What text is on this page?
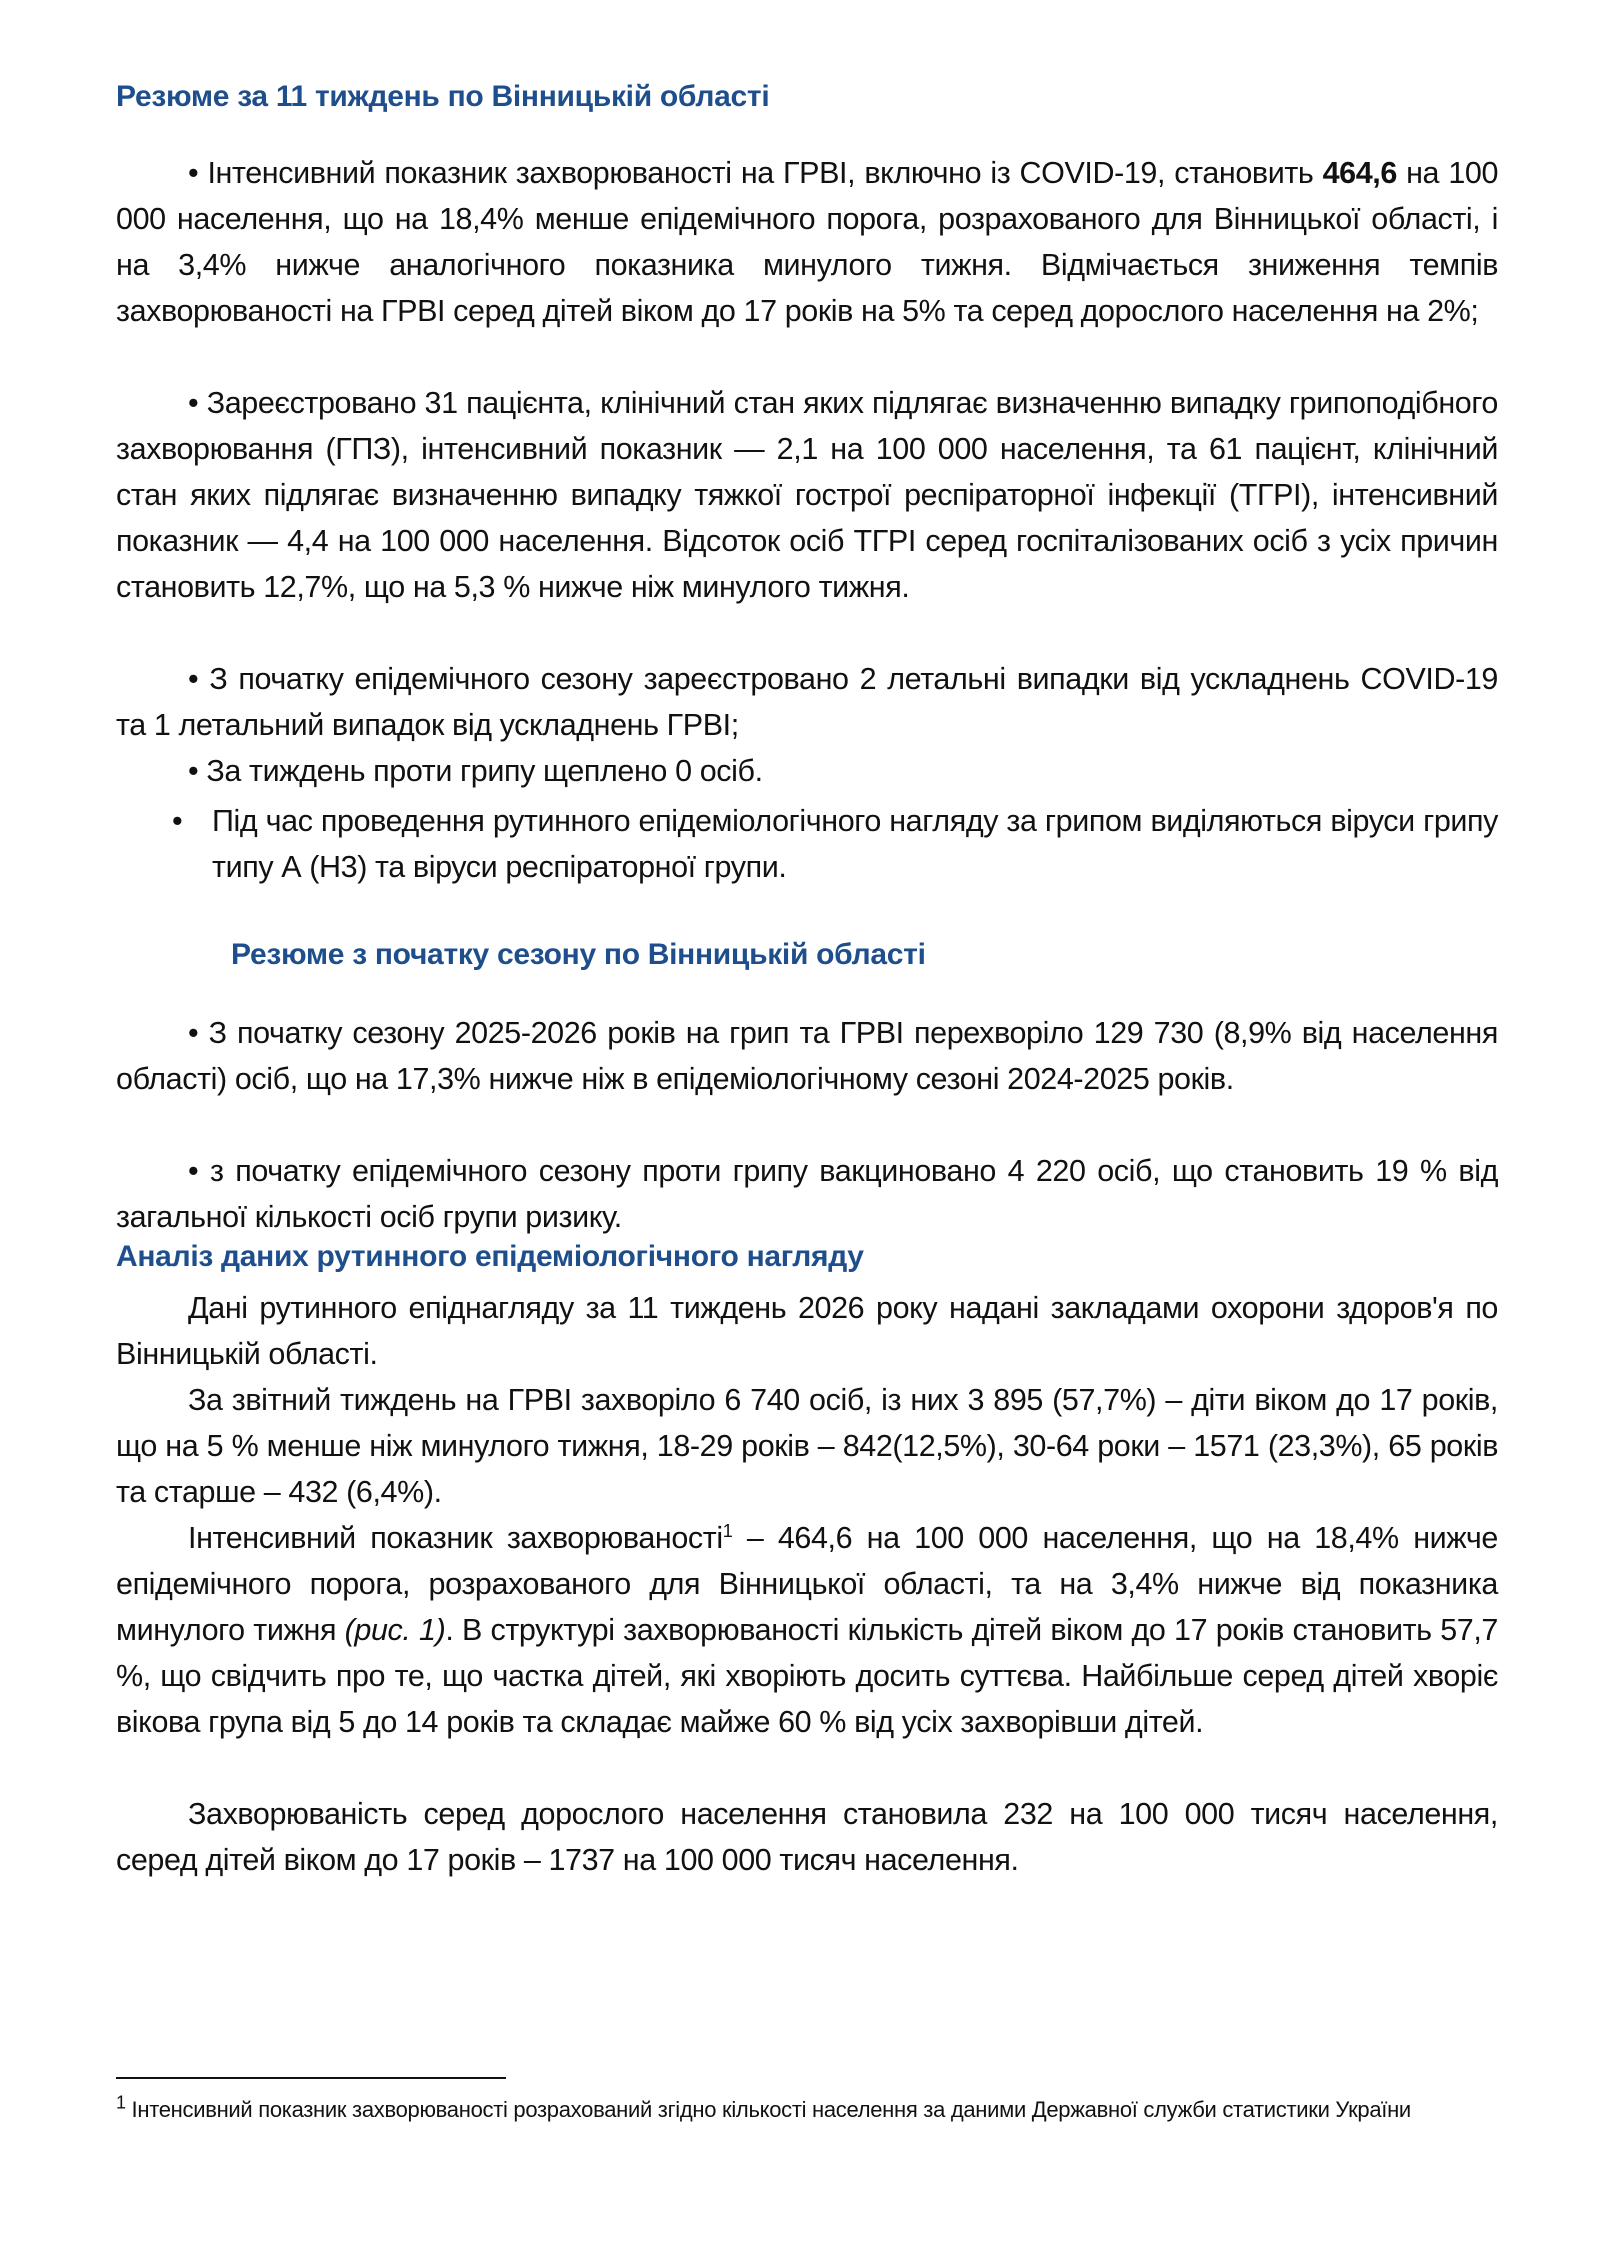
Резюме за 11 тиждень по Вінницькій області
• Інтенсивний показник захворюваності на ГРВІ, включно із COVID-19, становить 464,6 на 100 000 населення, що на 18,4% менше епідемічного порога, розрахованого для Вінницької області, і на 3,4% нижче аналогічного показника минулого тижня. Відмічається зниження темпів захворюваності на ГРВІ серед дітей віком до 17 років на 5% та серед дорослого населення на 2%;
• Зареєстровано 31 пацієнта, клінічний стан яких підлягає визначенню випадку грипоподібного захворювання (ГПЗ), інтенсивний показник — 2,1 на 100 000 населення, та 61 пацієнт, клінічний стан яких підлягає визначенню випадку тяжкої гострої респіраторної інфекції (ТГРІ), інтенсивний показник — 4,4 на 100 000 населення. Відсоток осіб ТГРІ серед госпіталізованих осіб з усіх причин становить 12,7%, що на 5,3 % нижче ніж минулого тижня.
• З початку епідемічного сезону зареєстровано 2 летальні випадки від ускладнень COVID-19 та 1 летальний випадок від ускладнень ГРВІ;
• За тиждень проти грипу щеплено 0 осіб.
• Під час проведення рутинного епідеміологічного нагляду за грипом виділяються віруси грипу типу А (Н3) та віруси респіраторної групи.
Резюме з початку сезону по Вінницькій області
• З початку сезону 2025-2026 років на грип та ГРВІ перехворіло 129 730 (8,9% від населення області) осіб, що на 17,3% нижче ніж в епідеміологічному сезоні 2024-2025 років.
• з початку епідемічного сезону проти грипу вакциновано 4 220 осіб, що становить 19 % від загальної кількості осіб групи ризику.
Аналіз даних рутинного епідеміологічного нагляду
Дані рутинного епіднагляду за 11 тиждень 2026 року надані закладами охорони здоров'я по Вінницькій області.
За звітний тиждень на ГРВІ захворіло 6 740 осіб, із них 3 895 (57,7%) – діти віком до 17 років, що на 5 % менше ніж минулого тижня, 18-29 років – 842(12,5%), 30-64 роки – 1571 (23,3%), 65 років та старше – 432 (6,4%).
Інтенсивний показник захворюваності$^1$ – 464,6 на 100 000 населення, що на 18,4% нижче епідемічного порога, розрахованого для Вінницької області, та на 3,4% нижче від показника минулого тижня (рис. 1). В структурі захворюваності кількість дітей віком до 17 років становить 57,7 %, що свідчить про те, що частка дітей, які хворіють досить суттєва. Найбільше серед дітей хворіє вікова група від 5 до 14 років та складає майже 60 % від усіх захворівши дітей.
Захворюваність серед дорослого населення становила 232 на 100 000 тисяч населення, серед дітей віком до 17 років – 1737 на 100 000 тисяч населення.
$^1$ Інтенсивний показник захворюваності розрахований згідно кількості населення за даними Державної служби статистики України
